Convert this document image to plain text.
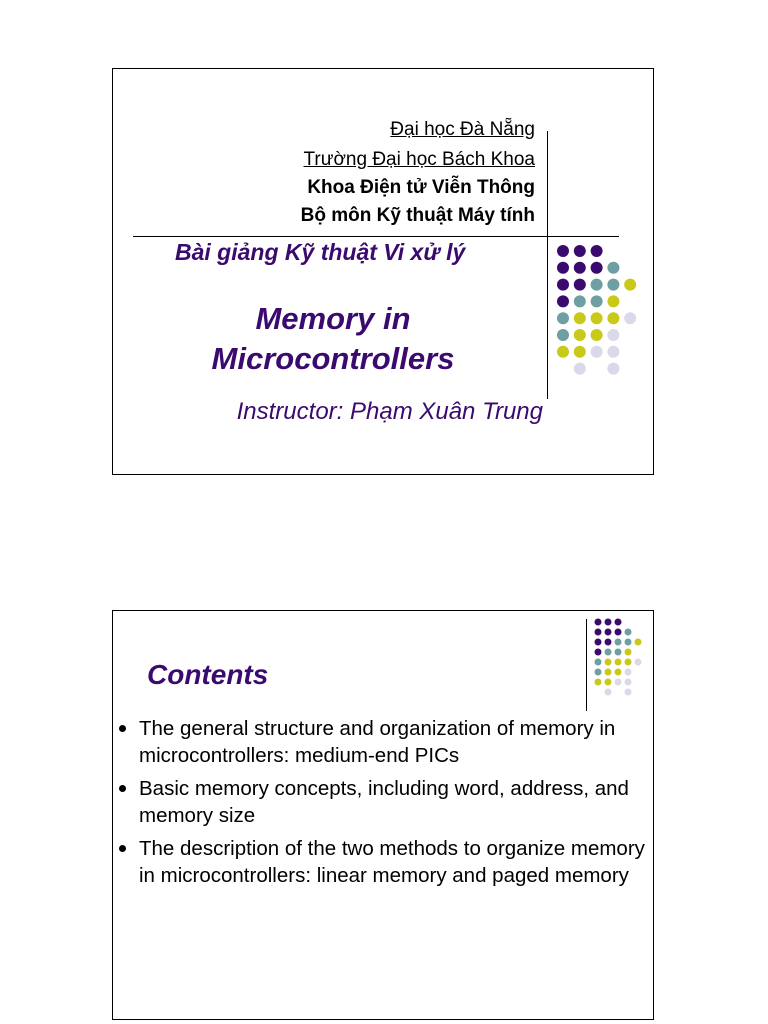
Đại học Đà Nẵng
Trường Đại học Bách Khoa
Khoa Điện tử Viễn Thông
Bộ môn Kỹ thuật Máy tính
Bài giảng Kỹ thuật Vi xử lý
Memory in Microcontrollers
Instructor: Phạm Xuân Trung
Contents
The general structure and organization of memory in microcontrollers: medium-end PICs
Basic memory concepts, including word, address, and memory size
The description of the two methods to organize memory in microcontrollers: linear memory and paged memory
